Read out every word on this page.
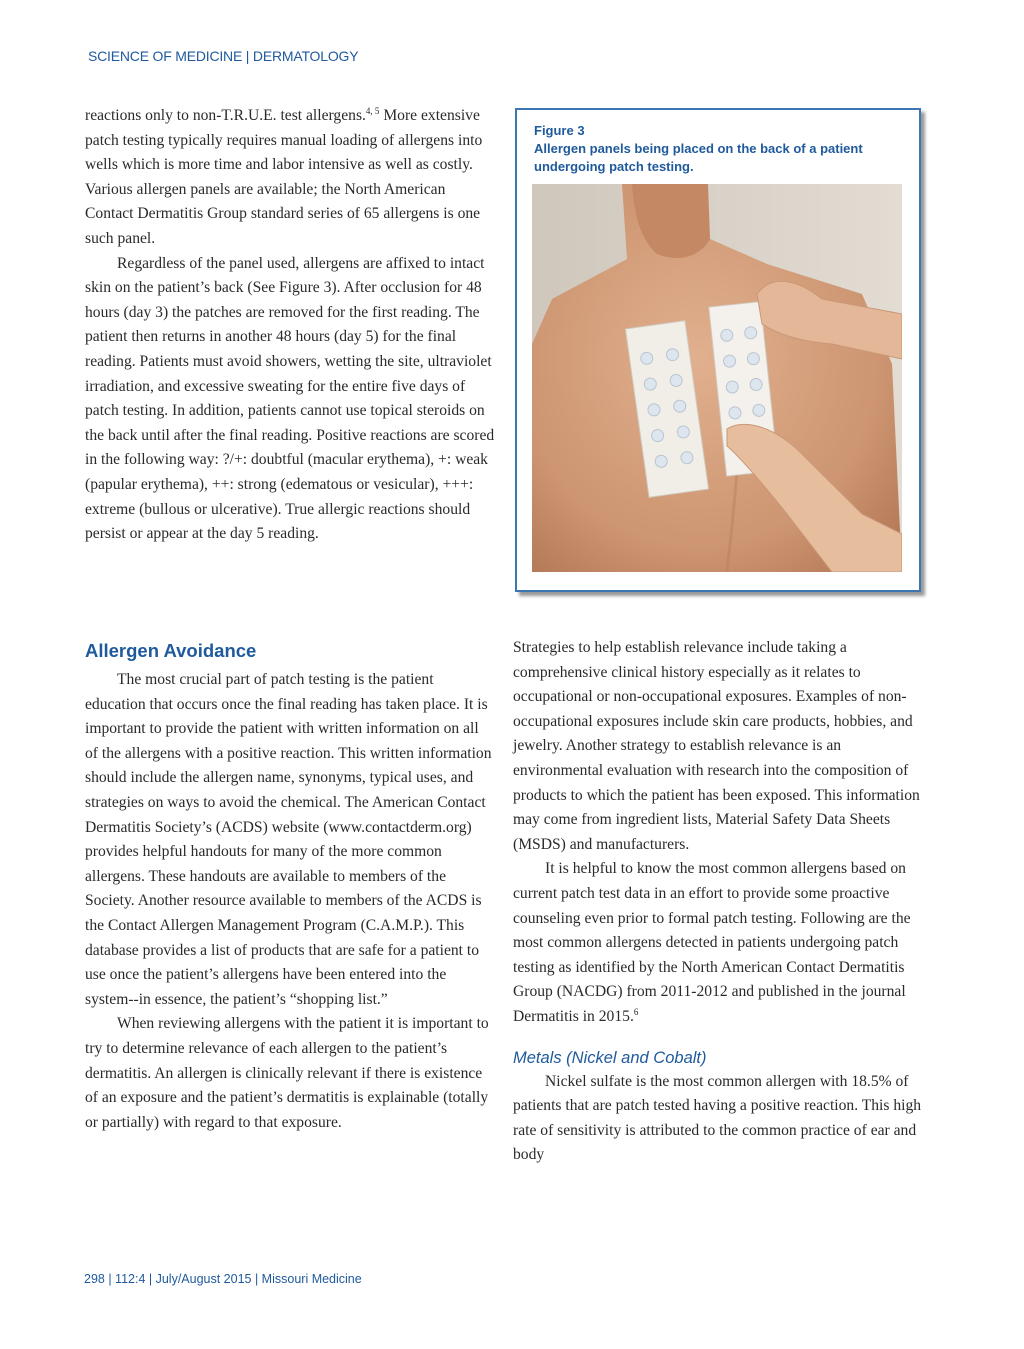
SCIENCE OF MEDICINE | DERMATOLOGY

reactions only to non-T.R.U.E. test allergens.$^{4, 5}$ More extensive patch testing typically requires manual loading of allergens into wells which is more time and labor intensive as well as costly. Various allergen panels are available; the North American Contact Dermatitis Group standard series of 65 allergens is one such panel.

Regardless of the panel used, allergens are affixed to intact skin on the patient’s back (See Figure 3). After occlusion for 48 hours (day 3) the patches are removed for the first reading. The patient then returns in another 48 hours (day 5) for the final reading. Patients must avoid showers, wetting the site, ultraviolet irradiation, and excessive sweating for the entire five days of patch testing. In addition, patients cannot use topical steroids on the back until after the final reading. Positive reactions are scored in the following way: ?/+: doubtful (macular erythema), +: weak (papular erythema), ++: strong (edematous or vesicular), +++: extreme (bullous or ulcerative). True allergic reactions should persist or appear at the day 5 reading.

Figure 3
Allergen panels being placed on the back of a patient undergoing patch testing.
Allergen Avoidance

The most crucial part of patch testing is the patient education that occurs once the final reading has taken place. It is important to provide the patient with written information on all of the allergens with a positive reaction. This written information should include the allergen name, synonyms, typical uses, and strategies on ways to avoid the chemical. The American Contact Dermatitis Society’s (ACDS) website (www.contactderm.org) provides helpful handouts for many of the more common allergens. These handouts are available to members of the Society. Another resource available to members of the ACDS is the Contact Allergen Management Program (C.A.M.P.). This database provides a list of products that are safe for a patient to use once the patient’s allergens have been entered into the system--in essence, the patient’s “shopping list.”

When reviewing allergens with the patient it is important to try to determine relevance of each allergen to the patient’s dermatitis. An allergen is clinically relevant if there is existence of an exposure and the patient’s dermatitis is explainable (totally or partially) with regard to that exposure.

Strategies to help establish relevance include taking a comprehensive clinical history especially as it relates to occupational or non-occupational exposures. Examples of non-occupational exposures include skin care products, hobbies, and jewelry. Another strategy to establish relevance is an environmental evaluation with research into the composition of products to which the patient has been exposed. This information may come from ingredient lists, Material Safety Data Sheets (MSDS) and manufacturers.

It is helpful to know the most common allergens based on current patch test data in an effort to provide some proactive counseling even prior to formal patch testing. Following are the most common allergens detected in patients undergoing patch testing as identified by the North American Contact Dermatitis Group (NACDG) from 2011-2012 and published in the journal Dermatitis in 2015.$^6$

Metals (Nickel and Cobalt)

Nickel sulfate is the most common allergen with 18.5% of patients that are patch tested having a positive reaction. This high rate of sensitivity is attributed to the common practice of ear and body

298 | 112:4 | July/August 2015 | Missouri Medicine
